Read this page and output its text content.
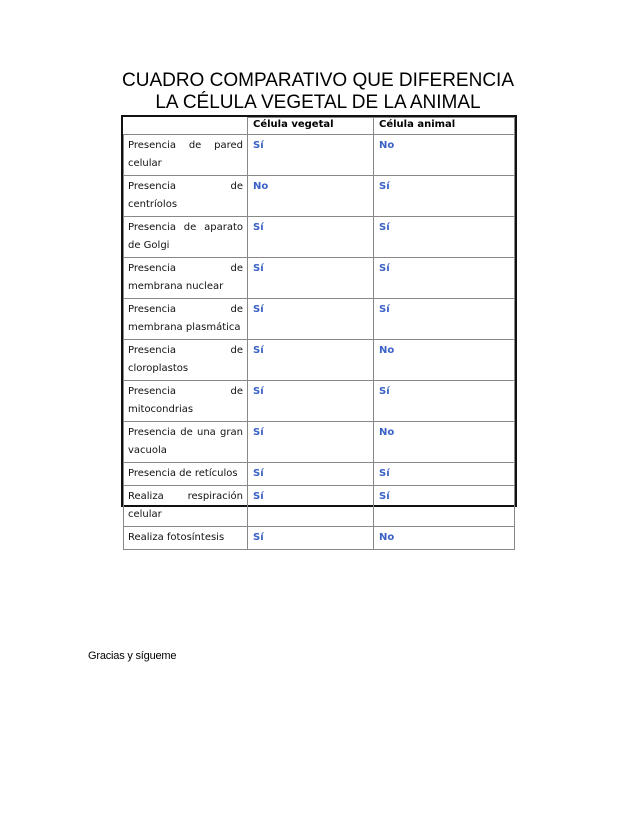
CUADRO COMPARATIVO QUE DIFERENCIA
LA CÉLULA VEGETAL DE LA ANIMAL
	Célula vegetal	Célula animal
Presencia de pared celular	Sí	No
Presencia de centríolos	No	Sí
Presencia de aparato de Golgi	Sí	Sí
Presencia de membrana nuclear	Sí	Sí
Presencia de membrana plasmática	Sí	Sí
Presencia de cloroplastos	Sí	No
Presencia de mitocondrias	Sí	Sí
Presencia de una gran vacuola	Sí	No
Presencia de retículos	Sí	Sí
Realiza respiración celular	Sí	Sí
Realiza fotosíntesis	Sí	No
Gracias y sígueme
